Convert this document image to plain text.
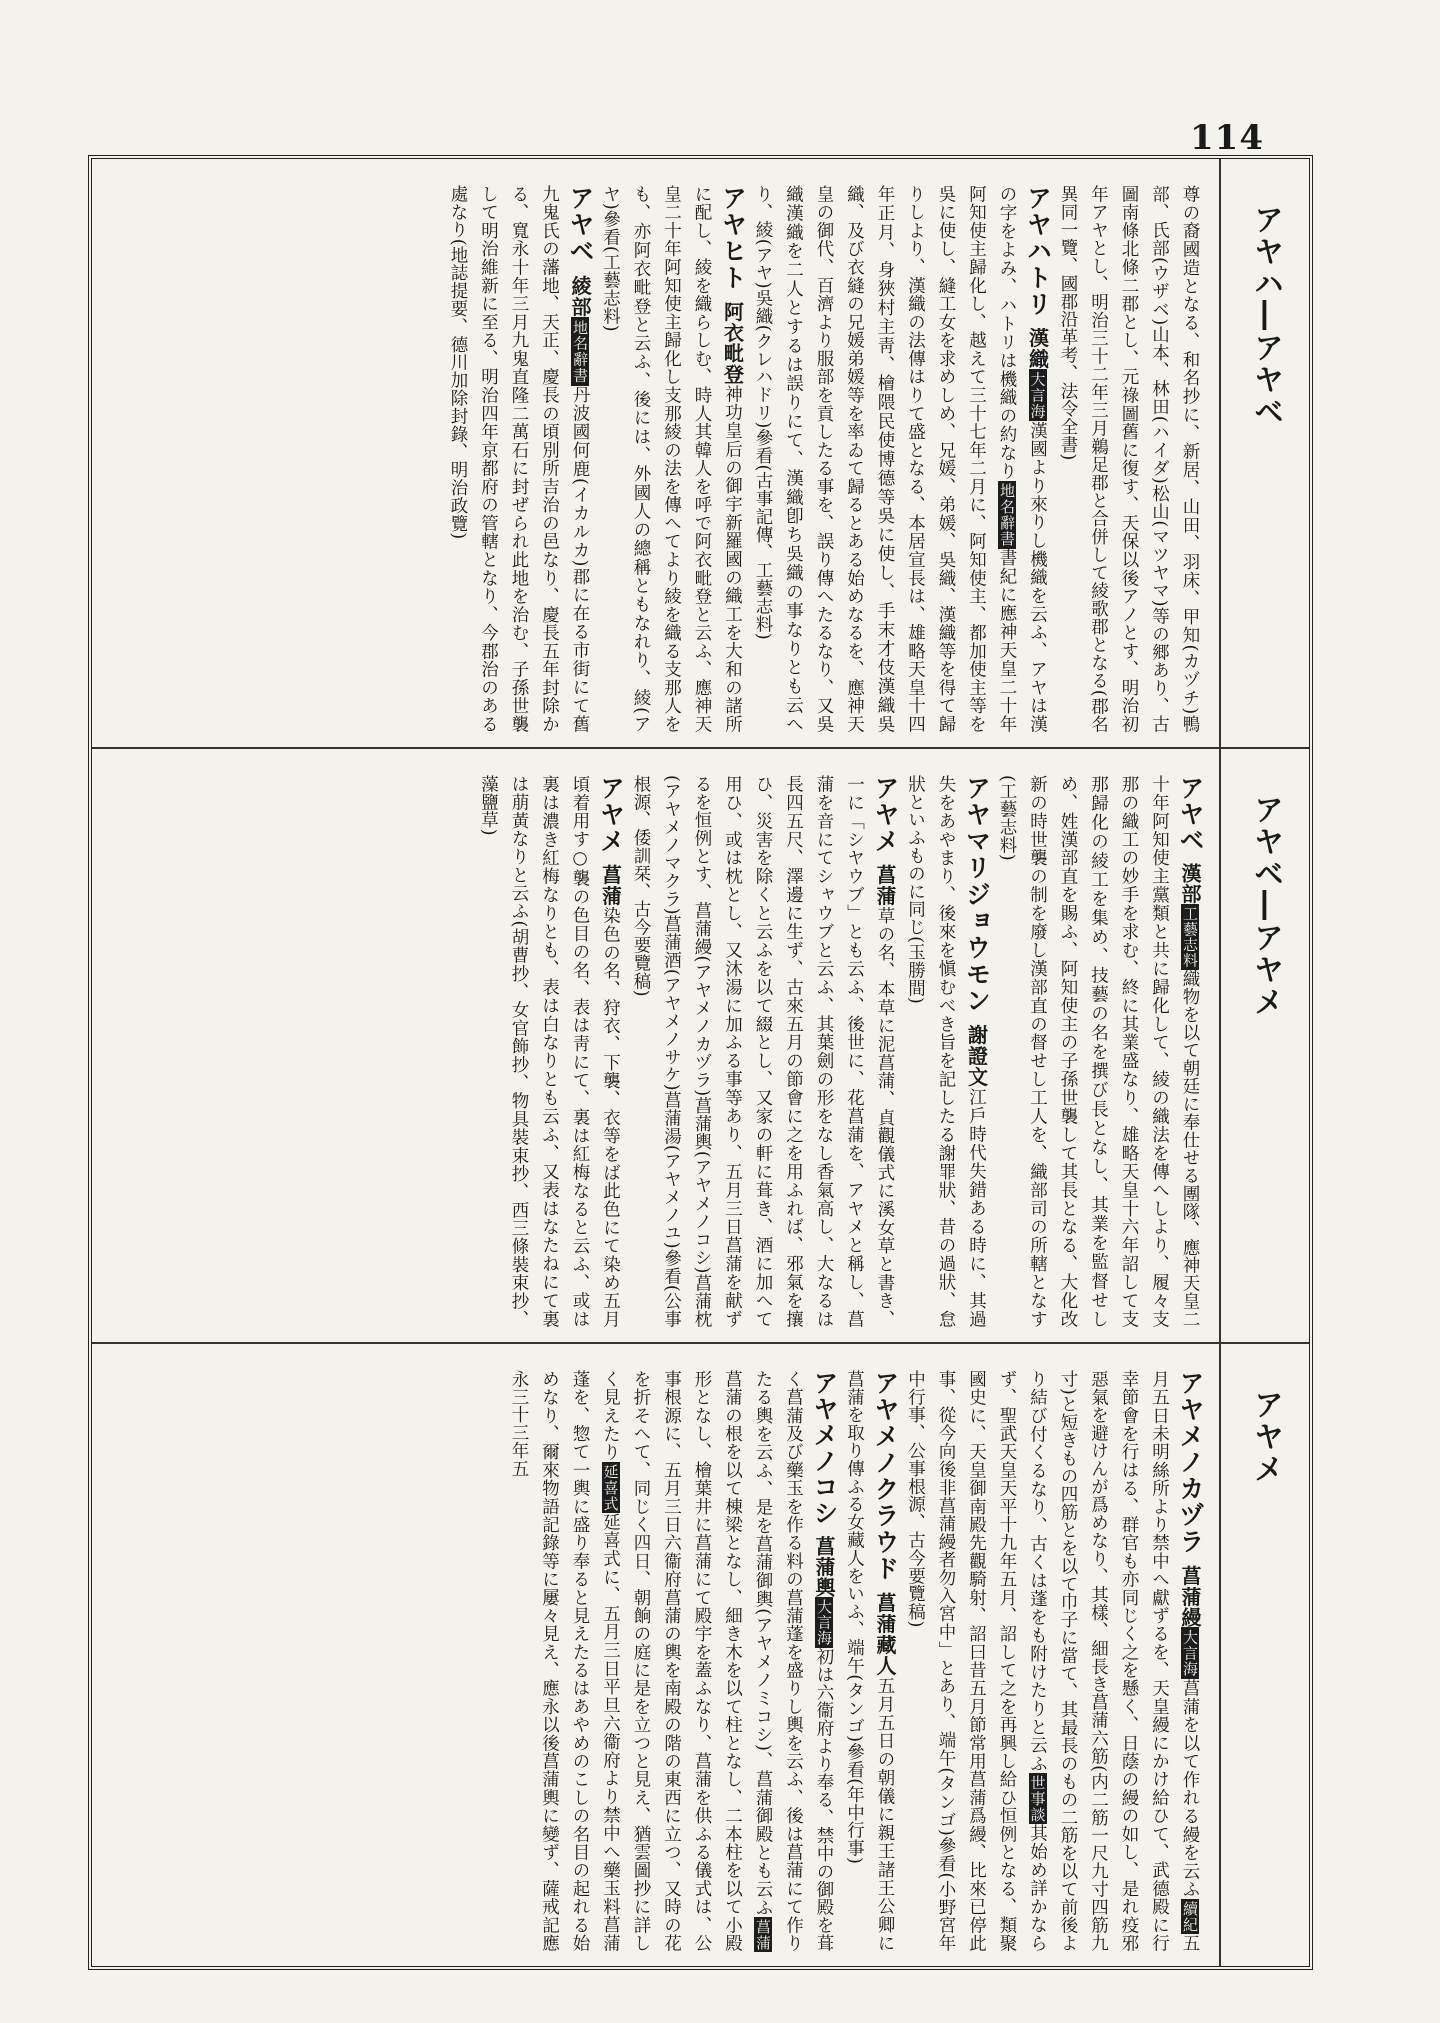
114
アヤハ―アヤベ
尊の裔國造となる、和名抄に、新居、山田、羽床、甲知(カヅチ)鴨部、氏部(ウザベ)山本、林田(ハイダ)松山(マツヤマ)等の郷あり、古圖南條北條二郡とし、元祿圖舊に復す、天保以後アノとす、明治初年アヤとし、明治三十二年三月鵜足郡と合併して綾歌郡となる(郡名異同一覽、國郡沿革考、法令全書)
アヤハトリ漢織大言海漢國より來りし機織を云ふ、アヤは漢の字をよみ、ハトリは機織の約なり地名辭書書紀に應神天皇二十年阿知使主歸化し、越えて三十七年二月に、阿知使主、都加使主等を吳に使し、縫工女を求めしめ、兄媛、弟媛、吳織、漢織等を得て歸りしより、漢織の法傳はりて盛となる、本居宣長は、雄略天皇十四年正月、身狹村主靑、檜隈民使博德等吳に使し、手末才伎漢織吳織、及び衣縫の兄媛弟媛等を率ゐて歸るとある始めなるを、應神天皇の御代、百濟より服部を貢したる事を、誤り傳へたるなり、又吳織漢織を二人とするは誤りにて、漢織卽ち吳織の事なりとも云へり、綾(アヤ)吳織(クレハドリ)參看(古事記傳、工藝志料)
アヤヒト阿衣毗登神功皇后の御宇新羅國の織工を大和の諸所に配し、綾を織らしむ、時人其韓人を呼で阿衣毗登と云ふ、應神天皇二十年阿知使主歸化し支那綾の法を傳へてより綾を織る支那人をも、亦阿衣毗登と云ふ、後には、外國人の總稱ともなれり、綾(アヤ)參看(工藝志料)
アヤベ綾部地名辭書丹波國何鹿(イカルカ)郡に在る市街にて舊九鬼氏の藩地、天正、慶長の頃別所吉治の邑なり、慶長五年封除かる、寬永十年三月九鬼直隆二萬石に封ぜられ此地を治む、子孫世襲して明治維新に至る、明治四年京都府の管轄となり、今郡治のある處なり(地誌提要、德川加除封錄、明治政覽)
アヤベ―アヤメ
アヤベ漢部工藝志料織物を以て朝廷に奉仕せる團隊、應神天皇二十年阿知使主黨類と共に歸化して、綾の織法を傳へしより、履々支那の織工の妙手を求む、終に其業盛なり、雄略天皇十六年詔して支那歸化の綾工を集め、技藝の名を撰び長となし、其業を監督せしめ、姓漢部直を賜ふ、阿知使主の子孫世襲して其長となる、大化改新の時世襲の制を廢し漢部直の督せし工人を、織部司の所轄となす(工藝志料)
アヤマリジョウモン謝證文江戶時代失錯ある時に、其過失をあやまり、後來を愼むべき旨を記したる謝罪狀、昔の過狀、怠狀といふものに同じ(玉勝間)
アヤメ菖蒲草の名、本草に泥菖蒲、貞觀儀式に溪女草と書き、一に「シヤウブ」とも云ふ、後世に、花菖蒲を、アヤメと稱し、菖蒲を音にてシャウブと云ふ、其葉劍の形をなし香氣高し、大なるは長四五尺、澤邊に生ず、古來五月の節會に之を用ふれば、邪氣を攘ひ、災害を除くと云ふを以て綴とし、又家の軒に葺き、酒に加へて用ひ、或は枕とし、又沐湯に加ふる事等あり、五月三日菖蒲を献ずるを恒例とす、菖蒲縵(アヤメノカヅラ)菖蒲輿(アヤメノコシ)菖蒲枕(アヤメノマクラ)菖蒲酒(アヤメノサケ)菖蒲湯(アヤメノユ)參看(公事根源、倭訓栞、古今要覽稿)
アヤメ菖蒲染色の名、狩衣、下襲、衣等をば此色にて染め五月頃着用す○襲の色目の名、表は靑にて、裏は紅梅なると云ふ、或は裏は濃き紅梅なりとも、表は白なりとも云ふ、又表はなたねにて裏は萠黃なりと云ふ(胡曹抄、女官飾抄、物具裝束抄、西三條裝束抄、藻鹽草)
アヤメ
アヤメノカヅラ菖蒲縵大言海菖蒲を以て作れる縵を云ふ續紀五月五日未明絲所より禁中へ獻ずるを、天皇縵にかけ給ひて、武德殿に行幸節會を行はる、群官も亦同じく之を懸く、日蔭の縵の如し、是れ疫邪惡氣を避けんが爲めなり、其樣、細長き菖蒲六筋(内二筋一尺九寸四筋九寸)と短きもの四筋とを以て巾子に當て、其最長のもの二筋を以て前後より結び付くるなり、古くは蓬をも附けたりと云ふ世事談其始め詳かならず、聖武天皇天平十九年五月、詔して之を再興し給ひ恒例となる、類聚國史に、天皇御南殿先觀騎射、詔曰昔五月節常用菖蒲爲縵、比來已停此事、從今向後非菖蒲縵者勿入宮中」とあり、端午(タンゴ)參看(小野宮年中行事、公事根源、古今要覽稿)
アヤメノクラウド菖蒲藏人五月五日の朝儀に親王諸王公卿に菖蒲を取り傳ふる女藏人をいふ、端午(タンゴ)參看(年中行事)
アヤメノコシ菖蒲輿大言海初は六衞府より奉る、禁中の御殿を葺く菖蒲及び藥玉を作る料の菖蒲蓬を盛りし輿を云ふ、後は菖蒲にて作りたる輿を云ふ、是を菖蒲御輿(アヤメノミコシ)、菖蒲御殿とも云ふ菖蒲菖蒲の根を以て棟梁となし、細き木を以て柱となし、二本柱を以て小殿形となし、檜葉井に菖蒲にて殿宇を蓋ふなり、菖蒲を供ふる儀式は、公事根源に、五月三日六衞府菖蒲の輿を南殿の階の東西に立つ、又時の花を折そへて、同じく四日、朝餉の庭に是を立つと見え、猶雲圖抄に詳しく見えたり延喜式延喜式に、五月三日平旦六衞府より禁中へ藥玉料菖蒲蓬を、惣て一輿に盛り奉ると見えたるはあやめのこしの名目の起れる始めなり、爾來物語記錄等に屢々見え、應永以後菖蒲輿に變ず、薩戒記應永三十三年五
